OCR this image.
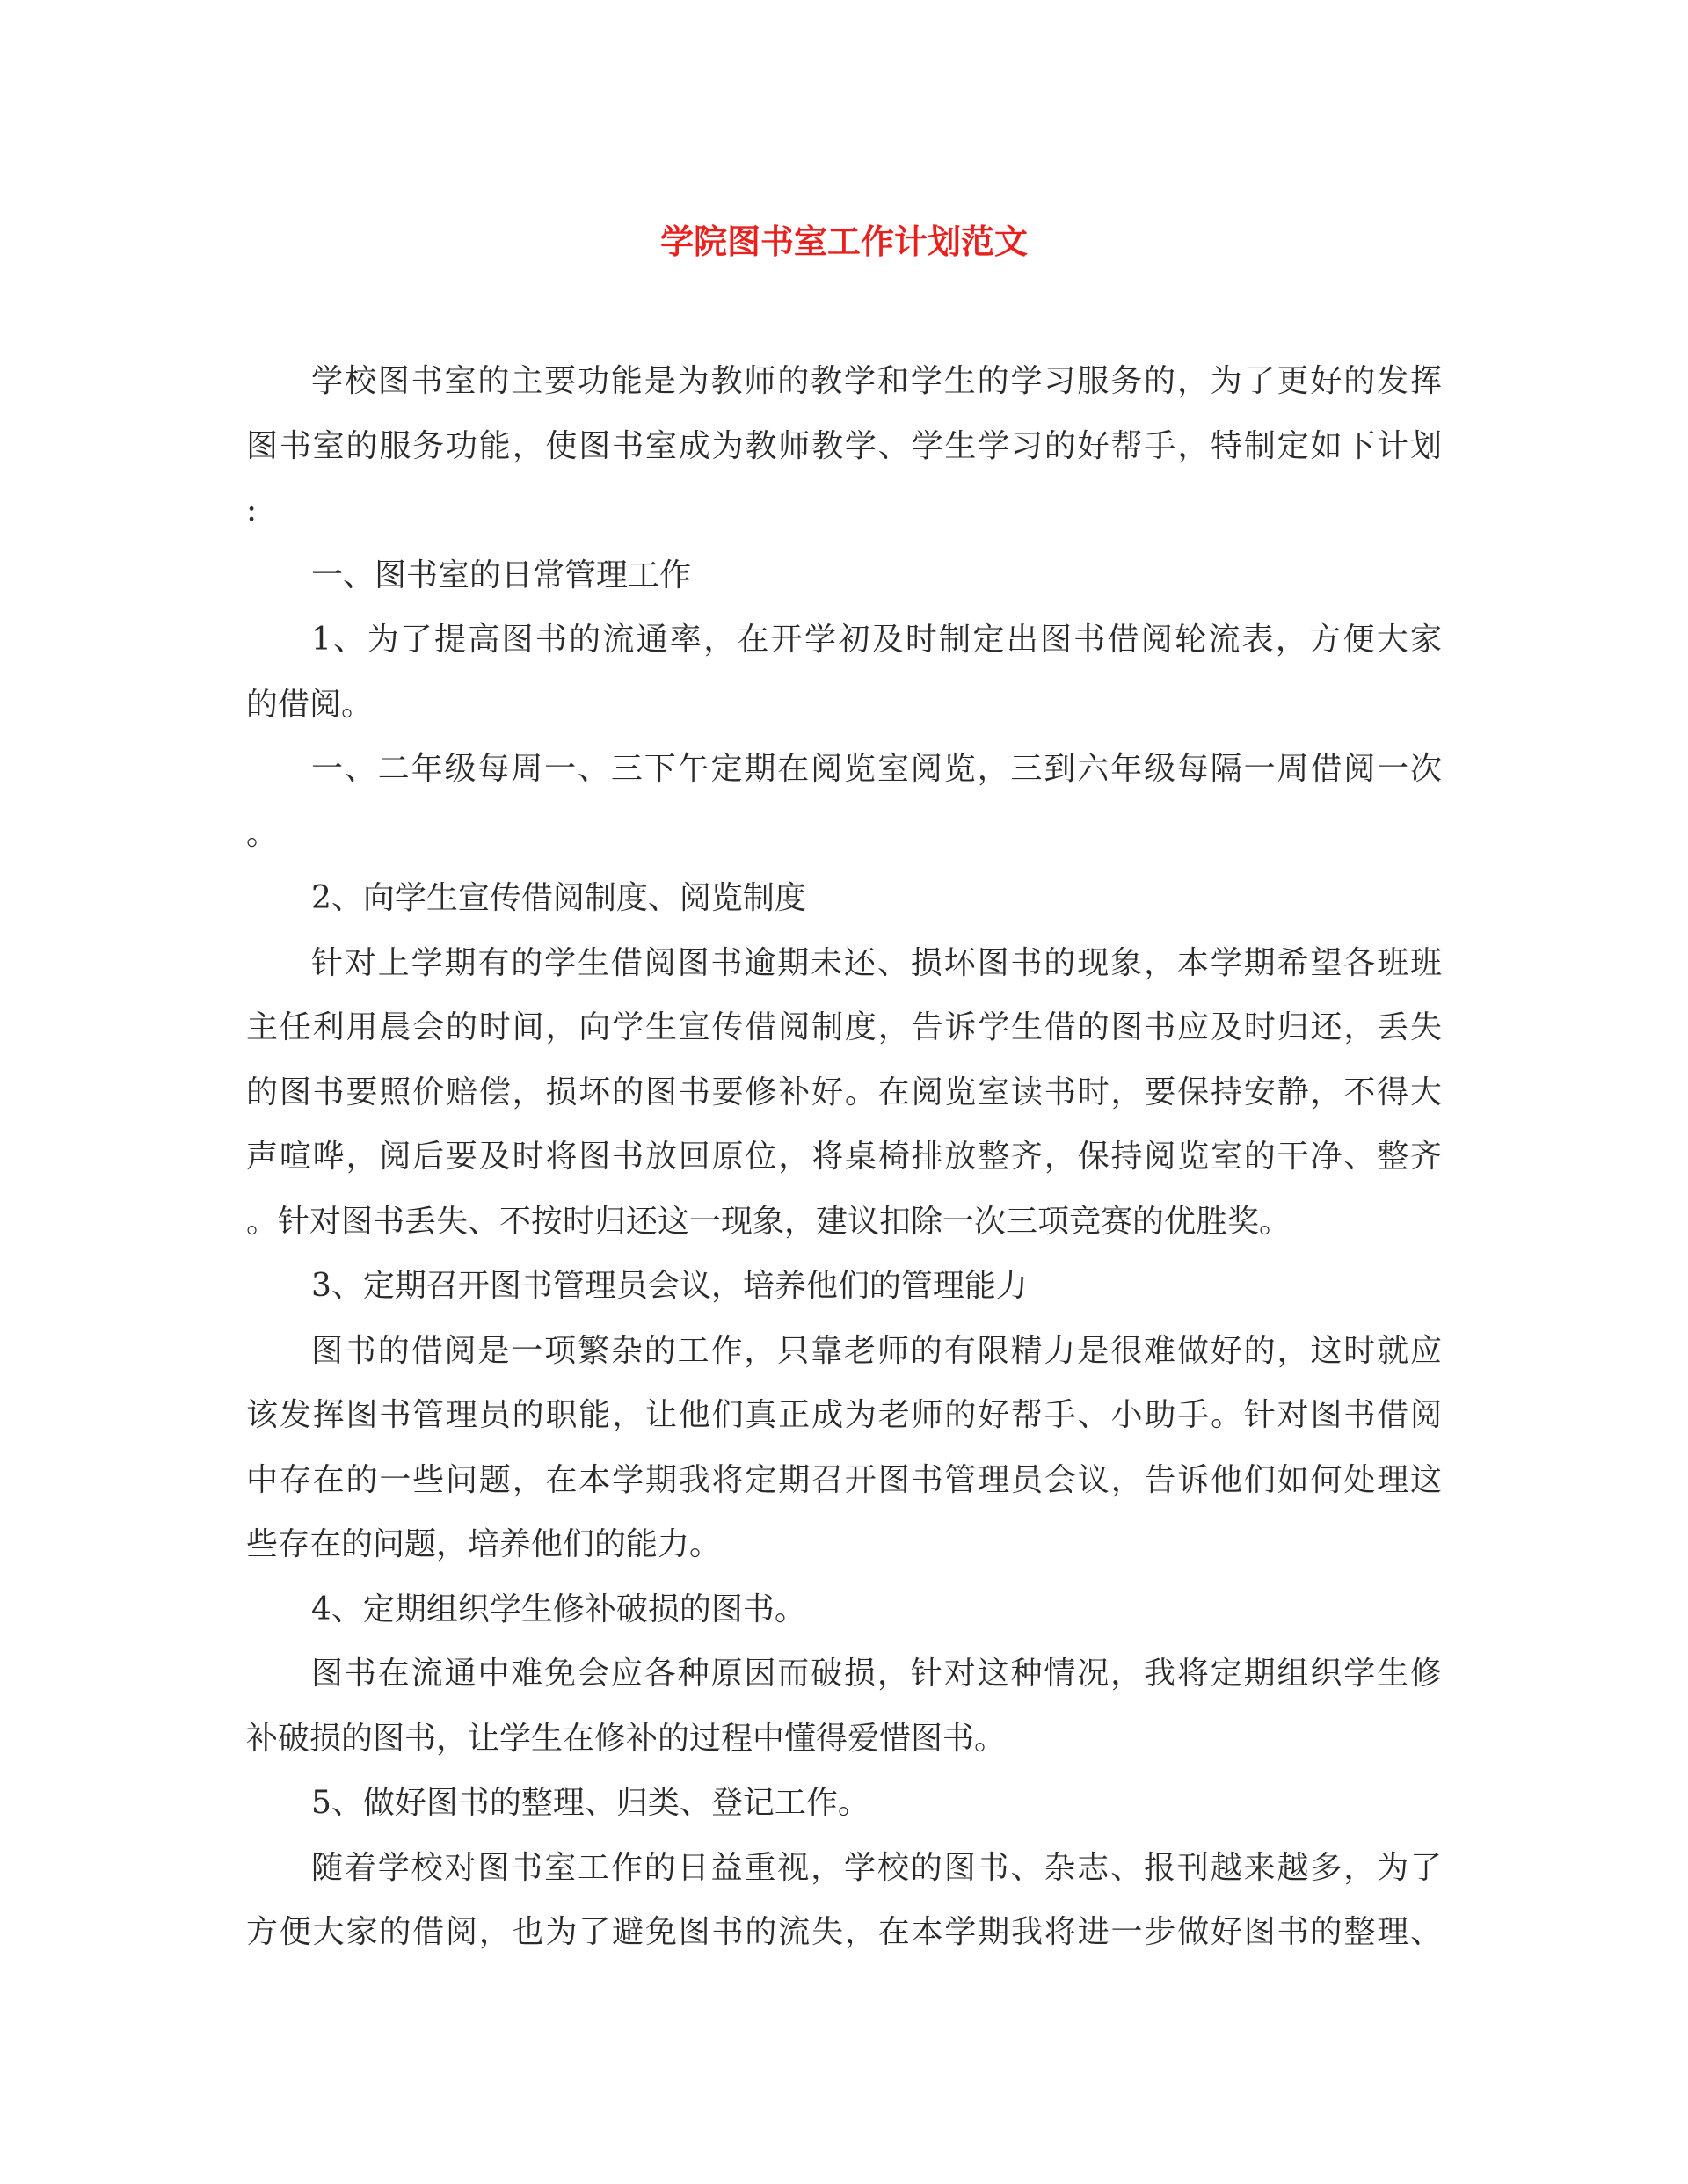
学院图书室工作计划范文
学校图书室的主要功能是为教师的教学和学生的学习服务的，为了更好的发挥
图书室的服务功能，使图书室成为教师教学、学生学习的好帮手，特制定如下计划
:
一、图书室的日常管理工作
1、为了提高图书的流通率，在开学初及时制定出图书借阅轮流表，方便大家
的借阅。
一、二年级每周一、三下午定期在阅览室阅览，三到六年级每隔一周借阅一次
。
2、向学生宣传借阅制度、阅览制度
针对上学期有的学生借阅图书逾期未还、损坏图书的现象，本学期希望各班班
主任利用晨会的时间，向学生宣传借阅制度，告诉学生借的图书应及时归还，丢失
的图书要照价赔偿，损坏的图书要修补好。在阅览室读书时，要保持安静，不得大
声喧哗，阅后要及时将图书放回原位，将桌椅排放整齐，保持阅览室的干净、整齐
。针对图书丢失、不按时归还这一现象，建议扣除一次三项竞赛的优胜奖。
3、定期召开图书管理员会议，培养他们的管理能力
图书的借阅是一项繁杂的工作，只靠老师的有限精力是很难做好的，这时就应
该发挥图书管理员的职能，让他们真正成为老师的好帮手、小助手。针对图书借阅
中存在的一些问题，在本学期我将定期召开图书管理员会议，告诉他们如何处理这
些存在的问题，培养他们的能力。
4、定期组织学生修补破损的图书。
图书在流通中难免会应各种原因而破损，针对这种情况，我将定期组织学生修
补破损的图书，让学生在修补的过程中懂得爱惜图书。
5、做好图书的整理、归类、登记工作。
随着学校对图书室工作的日益重视，学校的图书、杂志、报刊越来越多，为了
方便大家的借阅，也为了避免图书的流失，在本学期我将进一步做好图书的整理、
